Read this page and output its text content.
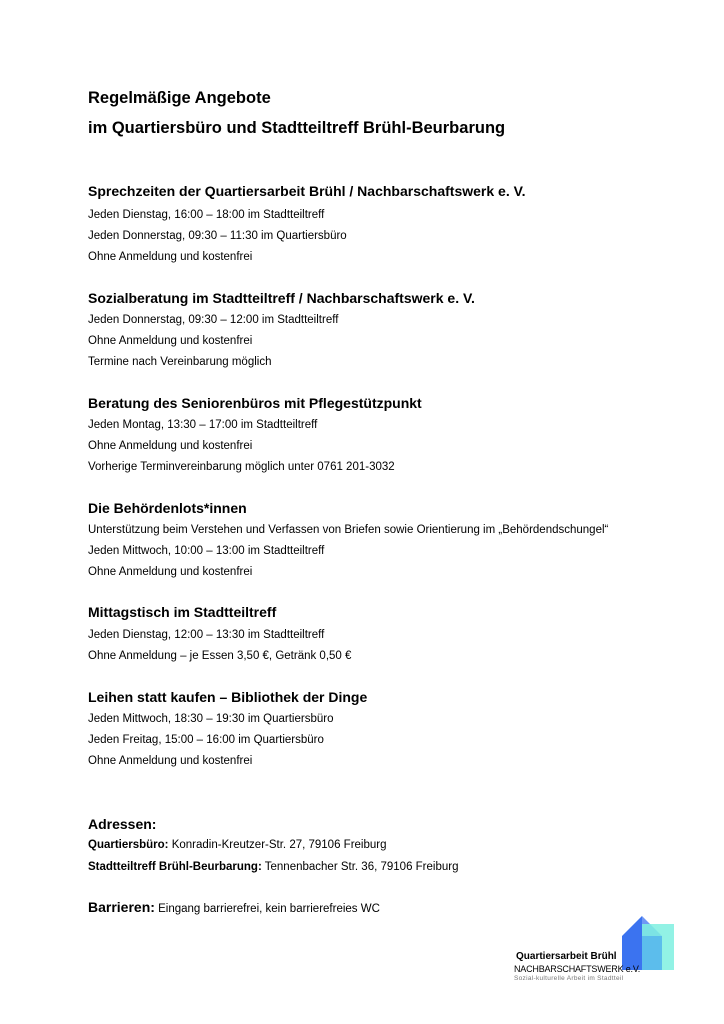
Regelmäßige Angebote
im Quartiersbüro und Stadtteiltreff Brühl-Beurbarung
Sprechzeiten der Quartiersarbeit Brühl / Nachbarschaftswerk e. V.
Jeden Dienstag, 16:00 – 18:00 im Stadtteiltreff
Jeden Donnerstag, 09:30 – 11:30 im Quartiersbüro
Ohne Anmeldung und kostenfrei
Sozialberatung im Stadtteiltreff / Nachbarschaftswerk e. V.
Jeden Donnerstag, 09:30 – 12:00 im Stadtteiltreff
Ohne Anmeldung und kostenfrei
Termine nach Vereinbarung möglich
Beratung des Seniorenbüros mit Pflegestützpunkt
Jeden Montag, 13:30 – 17:00 im Stadtteiltreff
Ohne Anmeldung und kostenfrei
Vorherige Terminvereinbarung möglich unter 0761 201-3032
Die Behördenlots*innen
Unterstützung beim Verstehen und Verfassen von Briefen sowie Orientierung im „Behördendschungel“
Jeden Mittwoch, 10:00 – 13:00 im Stadtteiltreff
Ohne Anmeldung und kostenfrei
Mittagstisch im Stadtteiltreff
Jeden Dienstag, 12:00 – 13:30 im Stadtteiltreff
Ohne Anmeldung – je Essen 3,50 €, Getränk 0,50 €
Leihen statt kaufen – Bibliothek der Dinge
Jeden Mittwoch, 18:30 – 19:30 im Quartiersbüro
Jeden Freitag, 15:00 – 16:00 im Quartiersbüro
Ohne Anmeldung und kostenfrei
Adressen:
Quartiersbüro: Konradin-Kreutzer-Str. 27, 79106 Freiburg
Stadtteiltreff Brühl-Beurbarung: Tennenbacher Str. 36, 79106 Freiburg
Barrieren: Eingang barrierefrei, kein barrierefreies WC
Quartiersarbeit Brühl
NACHBARSCHAFTSWERK e.V.
Sozial-kulturelle Arbeit im Stadtteil
